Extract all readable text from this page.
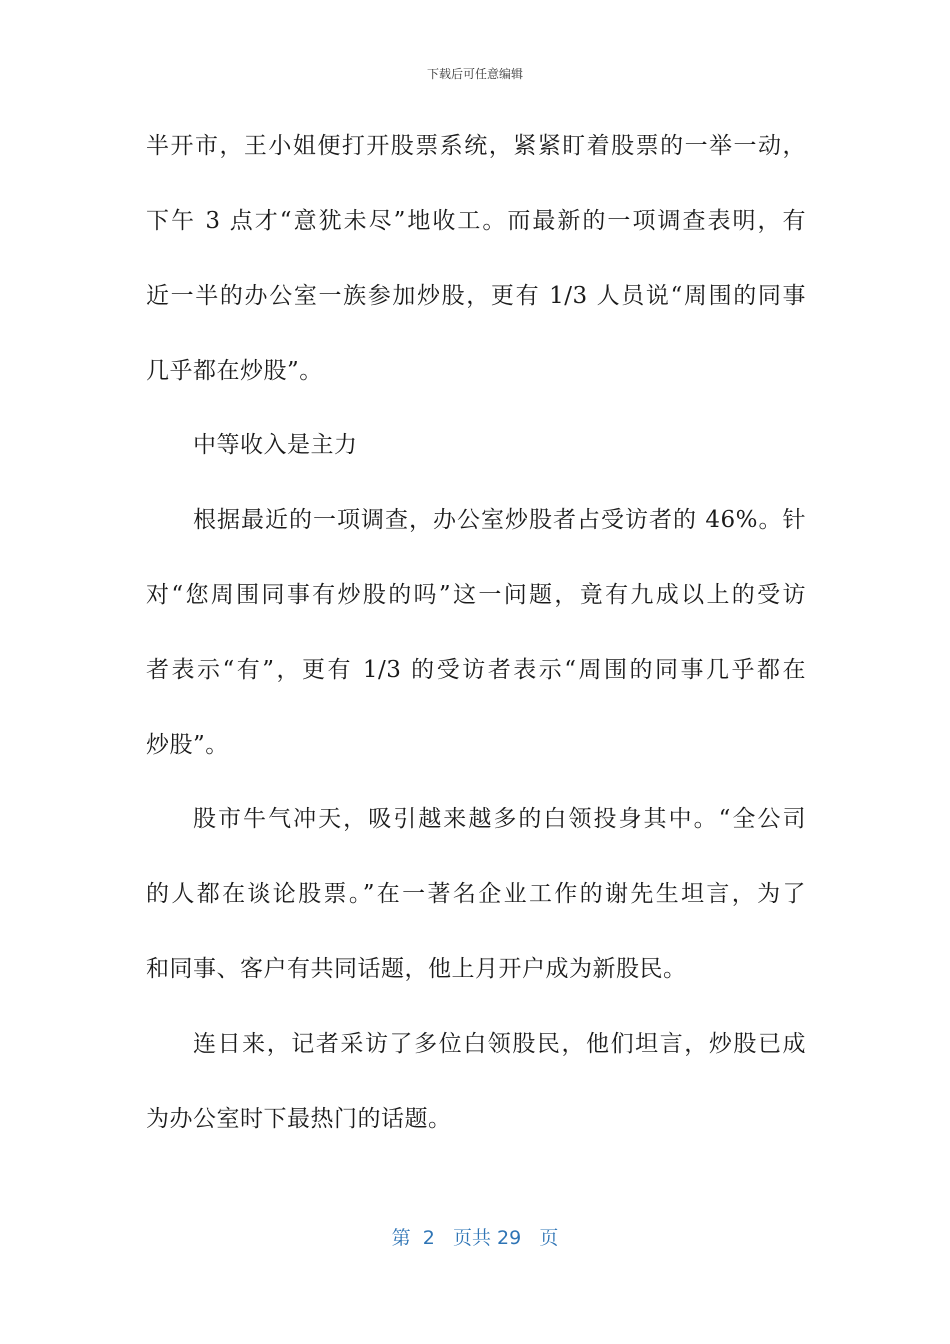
下载后可任意编辑
半开市，王小姐便打开股票系统，紧紧盯着股票的一举一动，
下午 3 点才“意犹未尽”地收工。而最新的一项调查表明，有
近一半的办公室一族参加炒股，更有 1/3 人员说“周围的同事
几乎都在炒股”。
中等收入是主力
根据最近的一项调查，办公室炒股者占受访者的 46%。针
对“您周围同事有炒股的吗”这一问题，竟有九成以上的受访
者表示“有”，更有 1/3 的受访者表示“周围的同事几乎都在
炒股”。
股市牛气冲天，吸引越来越多的白领投身其中。“全公司
的人都在谈论股票。”在一著名企业工作的谢先生坦言，为了
和同事、客户有共同话题，他上月开户成为新股民。
连日来，记者采访了多位白领股民，他们坦言，炒股已成
为办公室时下最热门的话题。
第 2 页共 29 页
